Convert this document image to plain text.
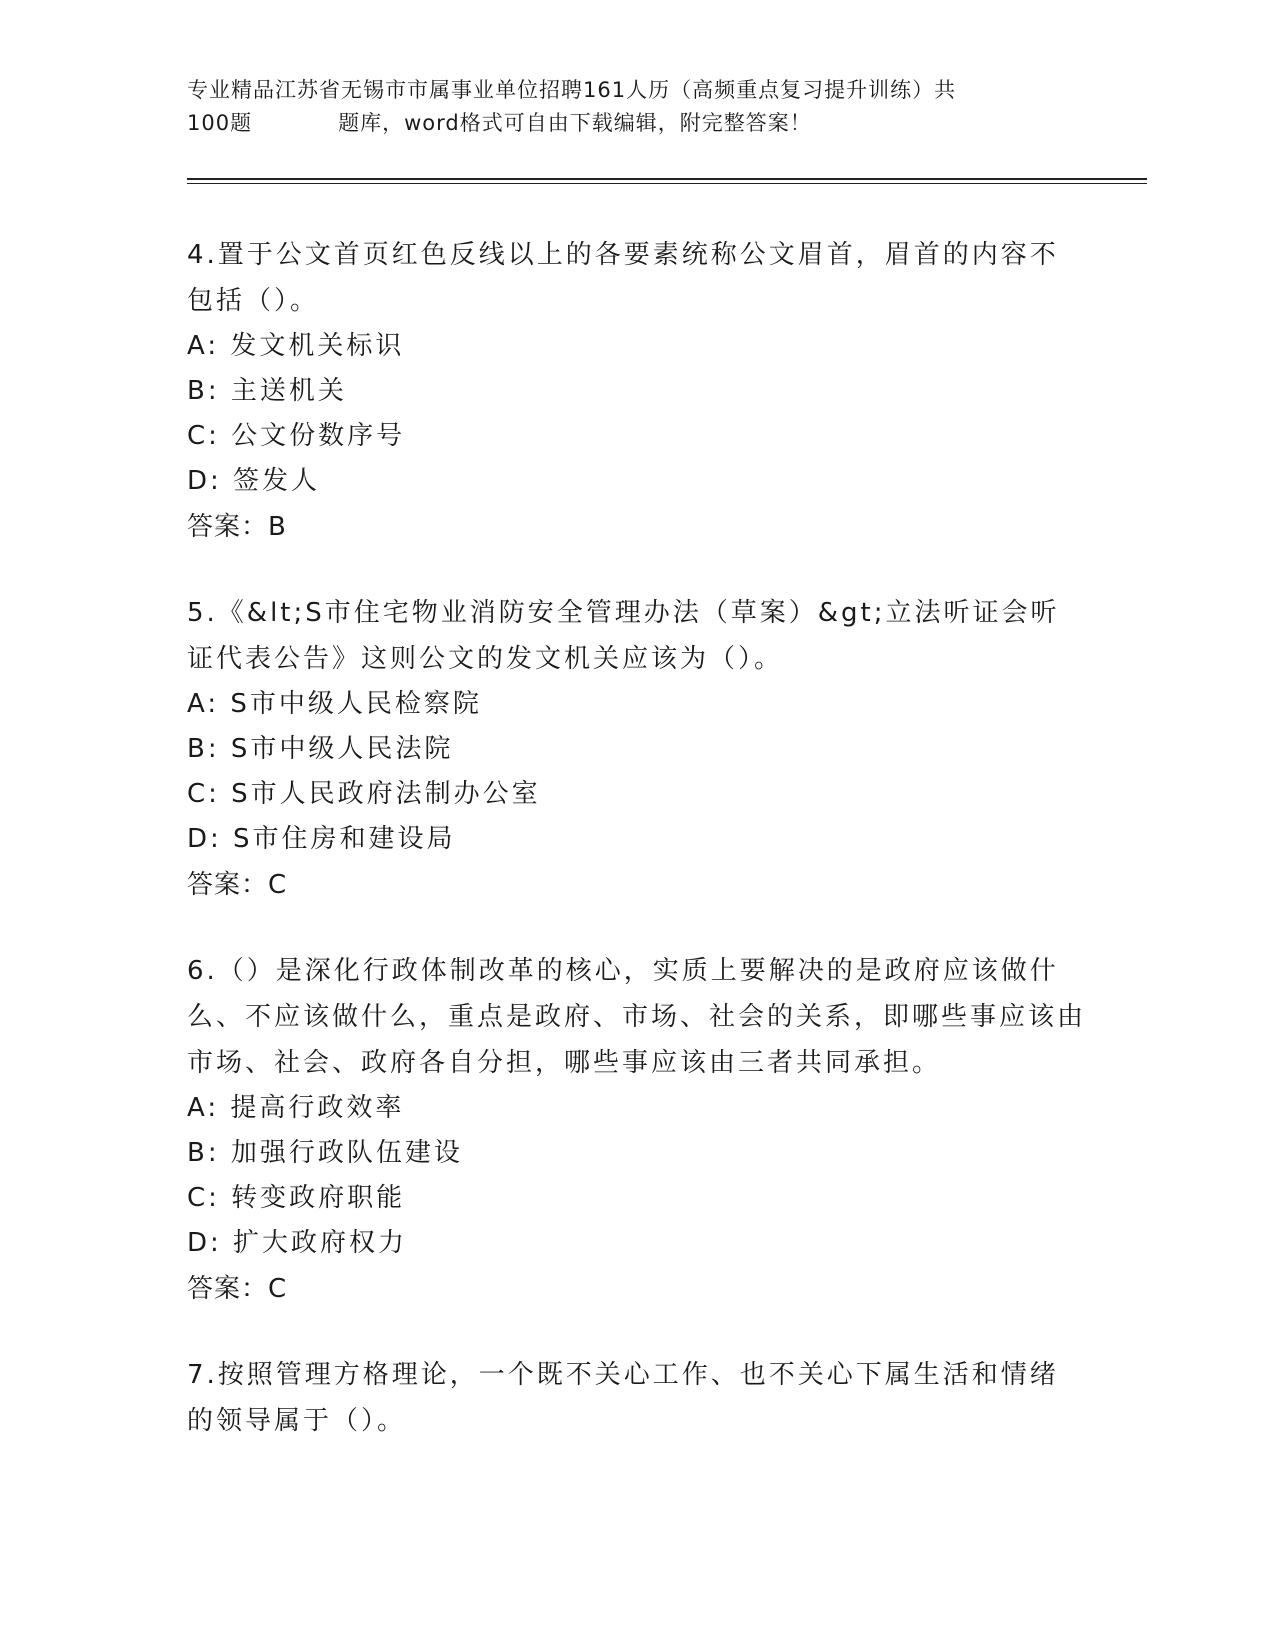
专业精品江苏省无锡市市属事业单位招聘161人历（高频重点复习提升训练）共
100题	题库，word格式可自由下载编辑，附完整答案！

4.置于公文首页红色反线以上的各要素统称公文眉首，眉首的内容不包括（）。

A: 发文机关标识

B: 主送机关

C: 公文份数序号

D: 签发人

答案：B

5.《&lt;S市住宅物业消防安全管理办法（草案）&gt;立法听证会听证代表公告》这则公文的发文机关应该为（）。

A: S市中级人民检察院

B: S市中级人民法院

C: S市人民政府法制办公室

D: S市住房和建设局

答案：C

6.（）是深化行政体制改革的核心，实质上要解决的是政府应该做什么、不应该做什么，重点是政府、市场、社会的关系，即哪些事应该由市场、社会、政府各自分担，哪些事应该由三者共同承担。

A: 提高行政效率

B: 加强行政队伍建设

C: 转变政府职能

D: 扩大政府权力

答案：C

7.按照管理方格理论，一个既不关心工作、也不关心下属生活和情绪的领导属于（）。
